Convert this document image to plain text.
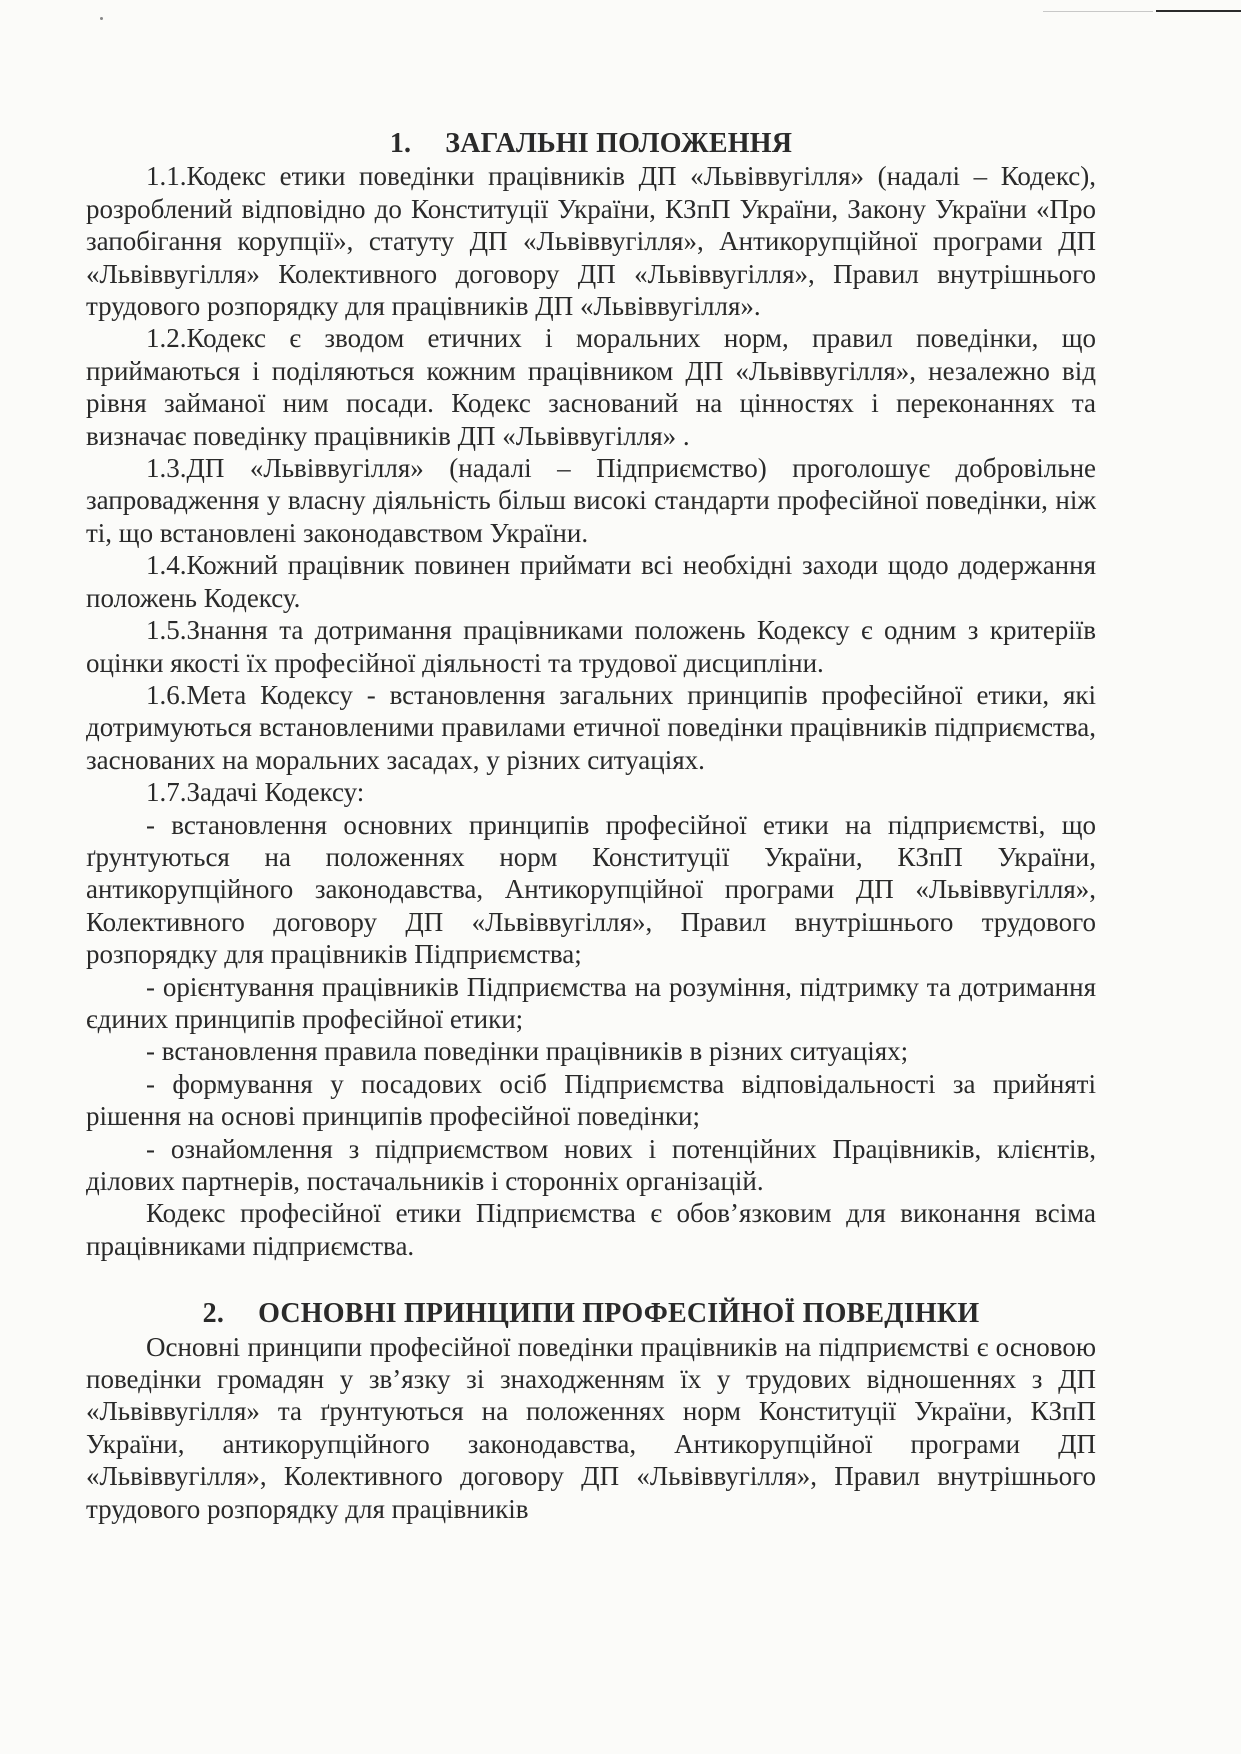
1. ЗАГАЛЬНІ ПОЛОЖЕННЯ

1.1.Кодекс етики поведінки працівників ДП «Львіввугілля» (надалі – Кодекс), розроблений відповідно до Конституції України, КЗпП України, Закону України «Про запобігання корупції», статуту ДП «Львіввугілля», Антикорупційної програми ДП «Львіввугілля» Колективного договору ДП «Львіввугілля», Правил внутрішнього трудового розпорядку для працівників ДП «Львіввугілля».

1.2.Кодекс є зводом етичних і моральних норм, правил поведінки, що приймаються і поділяються кожним працівником ДП «Львіввугілля», незалежно від рівня займаної ним посади. Кодекс заснований на цінностях і переконаннях та визначає поведінку працівників ДП «Львіввугілля» .

1.3.ДП «Львіввугілля» (надалі – Підприємство) проголошує добровільне запровадження у власну діяльність більш високі стандарти професійної поведінки, ніж ті, що встановлені законодавством України.

1.4.Кожний працівник повинен приймати всі необхідні заходи щодо додержання положень Кодексу.

1.5.Знання та дотримання працівниками положень Кодексу є одним з критеріїв оцінки якості їх професійної діяльності та трудової дисципліни.

1.6.Мета Кодексу - встановлення загальних принципів професійної етики, які дотримуються встановленими правилами етичної поведінки працівників підприємства, заснованих на моральних засадах, у різних ситуаціях.

1.7.Задачі Кодексу:

- встановлення основних принципів професійної етики на підприємстві, що ґрунтуються на положеннях норм Конституції України, КЗпП України, антикорупційного законодавства, Антикорупційної програми ДП «Львіввугілля», Колективного договору ДП «Львіввугілля», Правил внутрішнього трудового розпорядку для працівників Підприємства;

- орієнтування працівників Підприємства на розуміння, підтримку та дотримання єдиних принципів професійної етики;

- встановлення правила поведінки працівників в різних ситуаціях;

- формування у посадових осіб Підприємства відповідальності за прийняті рішення на основі принципів професійної поведінки;

- ознайомлення з підприємством нових і потенційних Працівників, клієнтів, ділових партнерів, постачальників і сторонніх організацій.

Кодекс професійної етики Підприємства є обов’язковим для виконання всіма працівниками підприємства.

2. ОСНОВНІ ПРИНЦИПИ ПРОФЕСІЙНОЇ ПОВЕДІНКИ

Основні принципи професійної поведінки працівників на підприємстві є основою поведінки громадян у зв’язку зі знаходженням їх у трудових відношеннях з ДП «Львіввугілля» та ґрунтуються на положеннях норм Конституції України, КЗпП України, антикорупційного законодавства, Антикорупційної програми ДП «Львіввугілля», Колективного договору ДП «Львіввугілля», Правил внутрішнього трудового розпорядку для працівників
